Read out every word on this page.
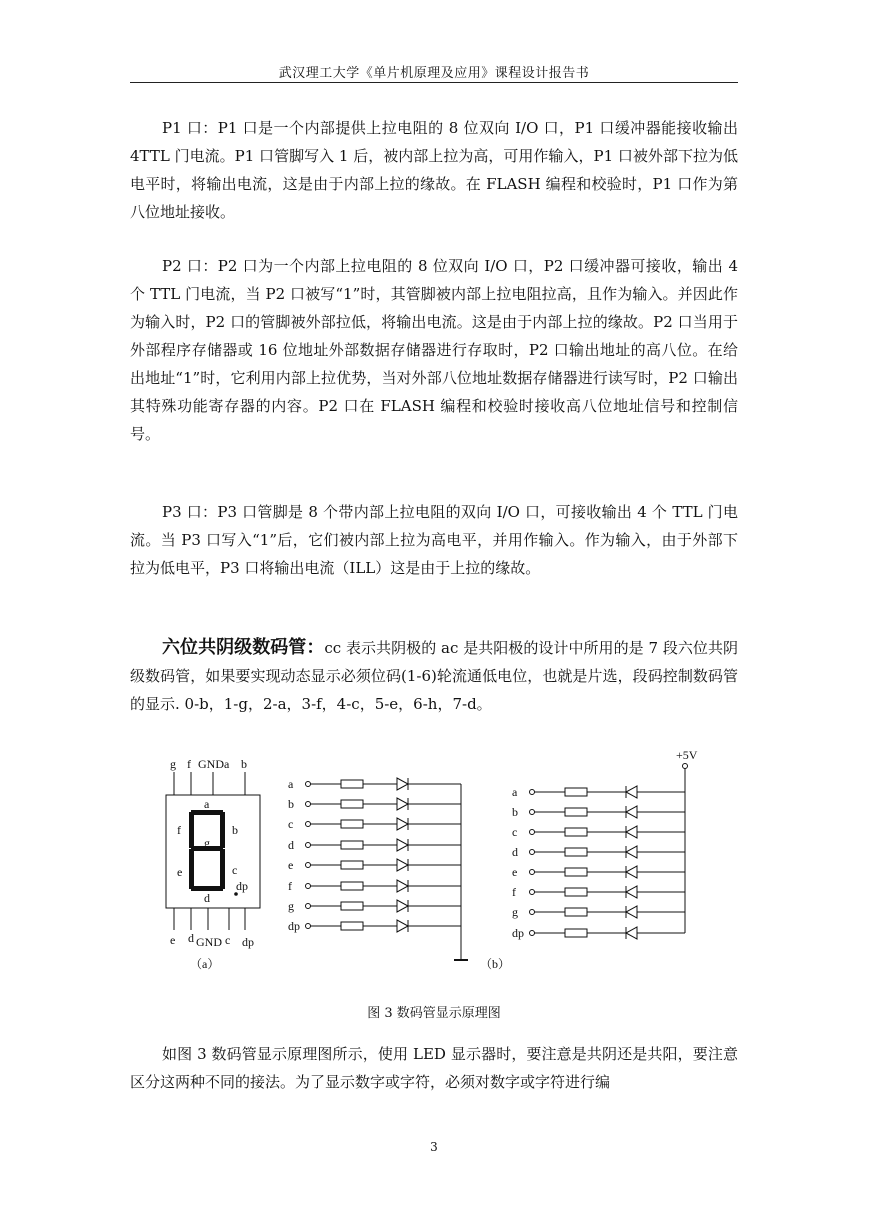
武汉理工大学《单片机原理及应用》课程设计报告书

P1 口：P1 口是一个内部提供上拉电阻的 8 位双向 I/O 口，P1 口缓冲器能接收输出 4TTL 门电流。P1 口管脚写入 1 后，被内部上拉为高，可用作输入，P1 口被外部下拉为低电平时，将输出电流，这是由于内部上拉的缘故。在 FLASH 编程和校验时，P1 口作为第八位地址接收。

P2 口：P2 口为一个内部上拉电阻的 8 位双向 I/O 口，P2 口缓冲器可接收，输出 4 个 TTL 门电流，当 P2 口被写“1”时，其管脚被内部上拉电阻拉高，且作为输入。并因此作为输入时，P2 口的管脚被外部拉低，将输出电流。这是由于内部上拉的缘故。P2 口当用于外部程序存储器或 16 位地址外部数据存储器进行存取时，P2 口输出地址的高八位。在给出地址“1”时，它利用内部上拉优势，当对外部八位地址数据存储器进行读写时，P2 口输出其特殊功能寄存器的内容。P2 口在 FLASH 编程和校验时接收高八位地址信号和控制信号。

P3 口：P3 口管脚是 8 个带内部上拉电阻的双向 I/O 口，可接收输出 4 个 TTL 门电流。当 P3 口写入“1”后，它们被内部上拉为高电平，并用作输入。作为输入，由于外部下拉为低电平，P3 口将输出电流（ILL）这是由于上拉的缘故。

六位共阴级数码管：cc 表示共阴极的 ac 是共阳极的设计中所用的是 7 段六位共阴级数码管，如果要实现动态显示必须位码(1-6)轮流通低电位，也就是片选，段码控制数码管的显示. 0-b，1-g，2-a，3-f，4-c，5-e，6-h，7-d。

g f GNDa b
a
f	b
g
e	c
d
dp
e d GND c dp
（a）
a
b
c
d
e
f
g
dp
a
b
c
d
e
f
g
dp
+5V
（b）
图 3 数码管显示原理图

如图 3 数码管显示原理图所示，使用 LED 显示器时，要注意是共阴还是共阳，要注意区分这两种不同的接法。为了显示数字或字符，必须对数字或字符进行编

3
